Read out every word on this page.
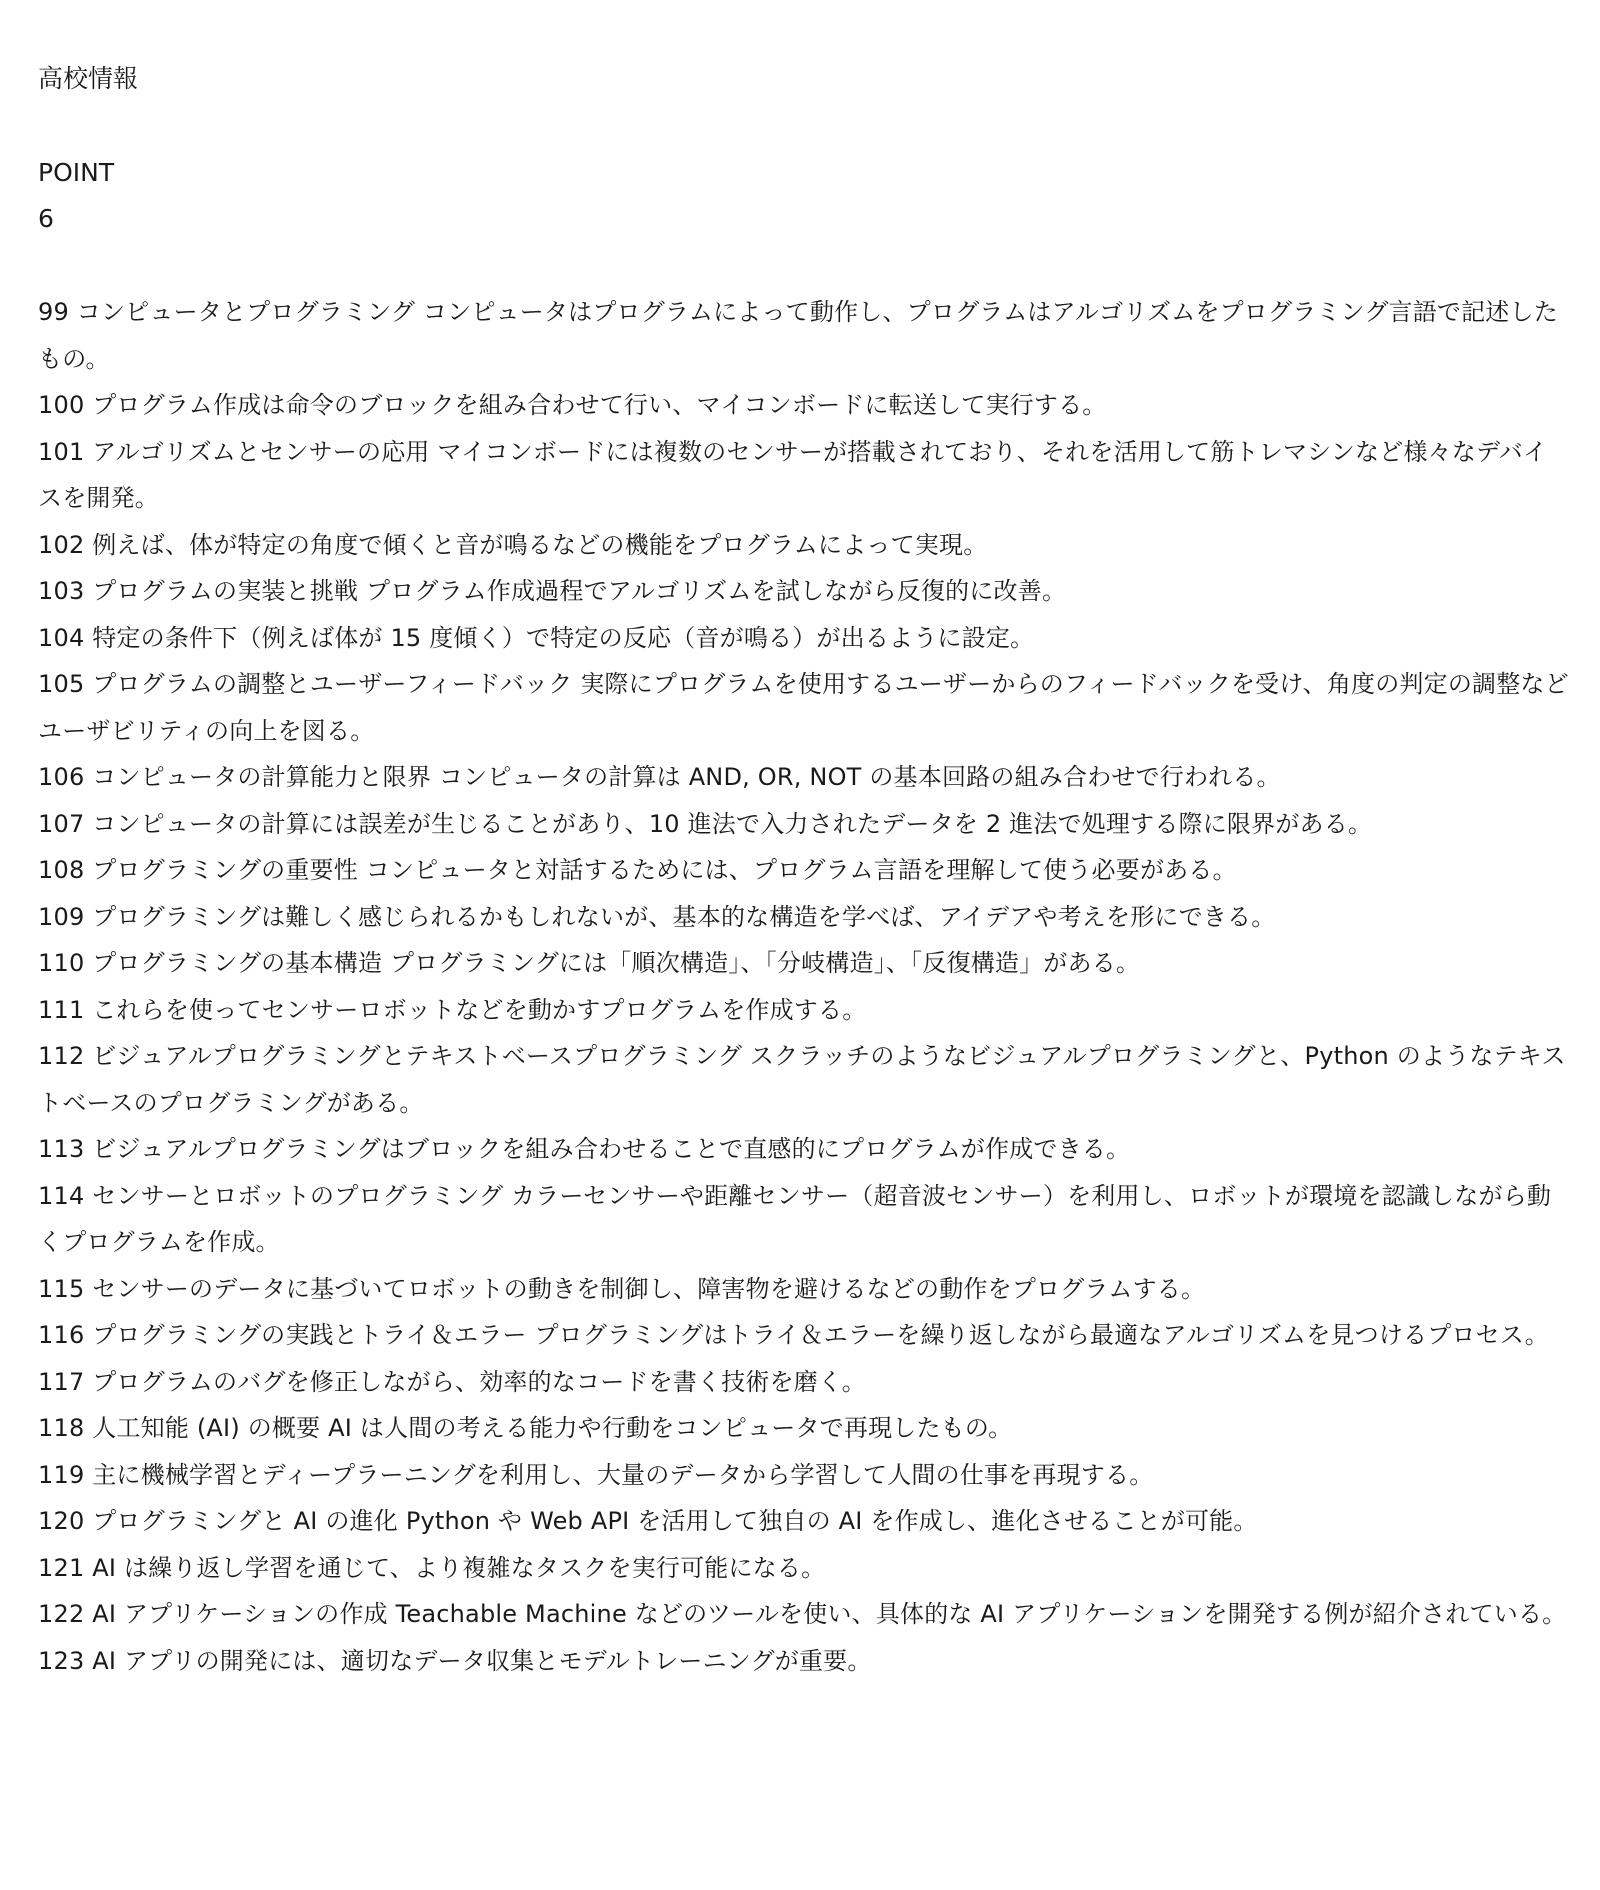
高校情報

POINT
6
99 コンピュータとプログラミング コンピュータはプログラムによって動作し、プログラムはアルゴリズムをプログラミング言語で記述したもの。
100 プログラム作成は命令のブロックを組み合わせて行い、マイコンボードに転送して実行する。
101 アルゴリズムとセンサーの応用 マイコンボードには複数のセンサーが搭載されており、それを活用して筋トレマシンなど様々なデバイスを開発。
102 例えば、体が特定の角度で傾くと音が鳴るなどの機能をプログラムによって実現。
103 プログラムの実装と挑戦 プログラム作成過程でアルゴリズムを試しながら反復的に改善。
104 特定の条件下（例えば体が 15 度傾く）で特定の反応（音が鳴る）が出るように設定。
105 プログラムの調整とユーザーフィードバック 実際にプログラムを使用するユーザーからのフィードバックを受け、角度の判定の調整などユーザビリティの向上を図る。
106 コンピュータの計算能力と限界 コンピュータの計算は AND, OR, NOT の基本回路の組み合わせで行われる。
107 コンピュータの計算には誤差が生じることがあり、10 進法で入力されたデータを 2 進法で処理する際に限界がある。
108 プログラミングの重要性 コンピュータと対話するためには、プログラム言語を理解して使う必要がある。
109 プログラミングは難しく感じられるかもしれないが、基本的な構造を学べば、アイデアや考えを形にできる。
110 プログラミングの基本構造 プログラミングには「順次構造」、「分岐構造」、「反復構造」がある。
111 これらを使ってセンサーロボットなどを動かすプログラムを作成する。
112 ビジュアルプログラミングとテキストベースプログラミング スクラッチのようなビジュアルプログラミングと、Python のようなテキストベースのプログラミングがある。
113 ビジュアルプログラミングはブロックを組み合わせることで直感的にプログラムが作成できる。
114 センサーとロボットのプログラミング カラーセンサーや距離センサー（超音波センサー）を利用し、ロボットが環境を認識しながら動くプログラムを作成。
115 センサーのデータに基づいてロボットの動きを制御し、障害物を避けるなどの動作をプログラムする。
116 プログラミングの実践とトライ＆エラー プログラミングはトライ＆エラーを繰り返しながら最適なアルゴリズムを見つけるプロセス。
117 プログラムのバグを修正しながら、効率的なコードを書く技術を磨く。
118 人工知能 (AI) の概要 AI は人間の考える能力や行動をコンピュータで再現したもの。
119 主に機械学習とディープラーニングを利用し、大量のデータから学習して人間の仕事を再現する。
120 プログラミングと AI の進化 Python や Web API を活用して独自の AI を作成し、進化させることが可能。
121 AI は繰り返し学習を通じて、より複雑なタスクを実行可能になる。
122 AI アプリケーションの作成 Teachable Machine などのツールを使い、具体的な AI アプリケーションを開発する例が紹介されている。
123 AI アプリの開発には、適切なデータ収集とモデルトレーニングが重要。
